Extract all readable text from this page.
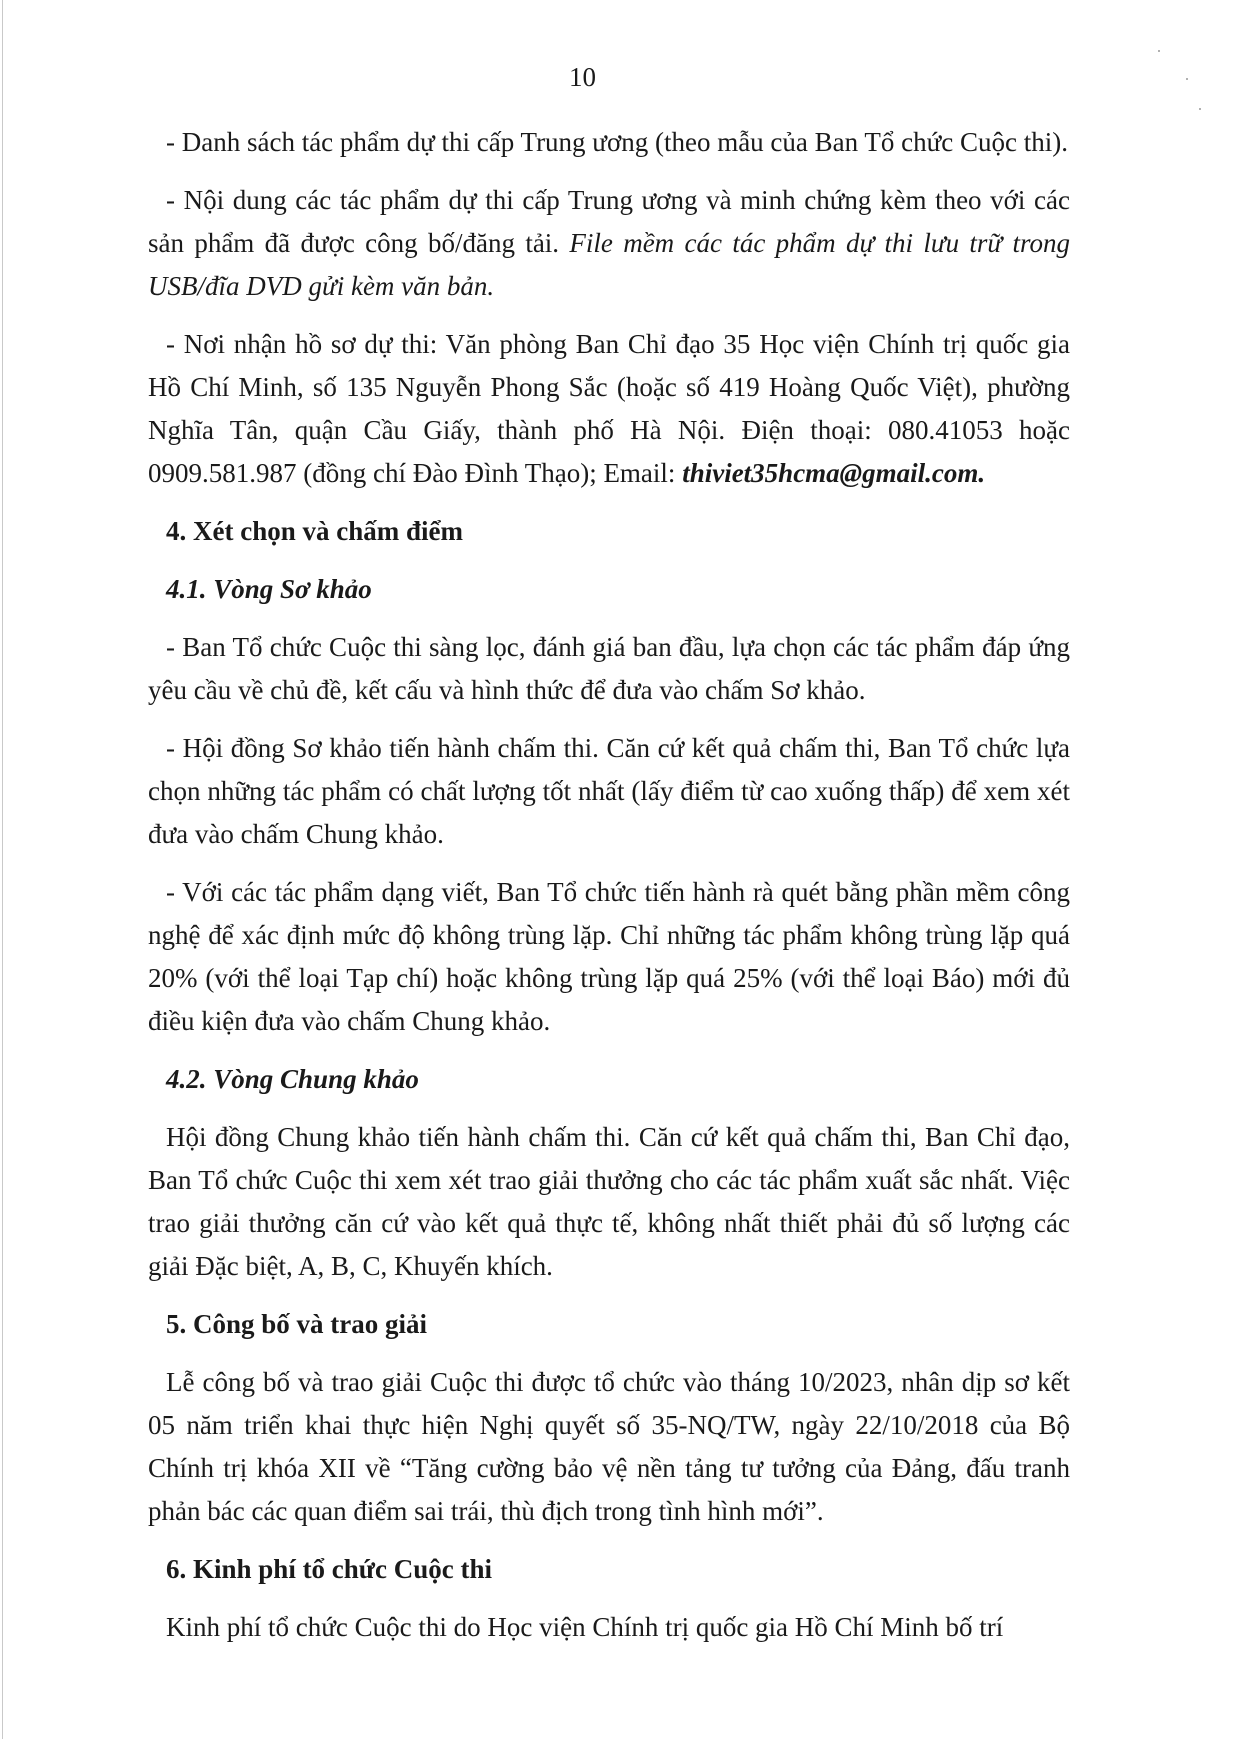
10

- Danh sách tác phẩm dự thi cấp Trung ương (theo mẫu của Ban Tổ chức Cuộc thi).

- Nội dung các tác phẩm dự thi cấp Trung ương và minh chứng kèm theo với các sản phẩm đã được công bố/đăng tải. File mềm các tác phẩm dự thi lưu trữ trong USB/đĩa DVD gửi kèm văn bản.

- Nơi nhận hồ sơ dự thi: Văn phòng Ban Chỉ đạo 35 Học viện Chính trị quốc gia Hồ Chí Minh, số 135 Nguyễn Phong Sắc (hoặc số 419 Hoàng Quốc Việt), phường Nghĩa Tân, quận Cầu Giấy, thành phố Hà Nội. Điện thoại: 080.41053 hoặc 0909.581.987 (đồng chí Đào Đình Thạo); Email: thiviet35hcma@gmail.com.

4. Xét chọn và chấm điểm
4.1. Vòng Sơ khảo

- Ban Tổ chức Cuộc thi sàng lọc, đánh giá ban đầu, lựa chọn các tác phẩm đáp ứng yêu cầu về chủ đề, kết cấu và hình thức để đưa vào chấm Sơ khảo.

- Hội đồng Sơ khảo tiến hành chấm thi. Căn cứ kết quả chấm thi, Ban Tổ chức lựa chọn những tác phẩm có chất lượng tốt nhất (lấy điểm từ cao xuống thấp) để xem xét đưa vào chấm Chung khảo.

- Với các tác phẩm dạng viết, Ban Tổ chức tiến hành rà quét bằng phần mềm công nghệ để xác định mức độ không trùng lặp. Chỉ những tác phẩm không trùng lặp quá 20% (với thể loại Tạp chí) hoặc không trùng lặp quá 25% (với thể loại Báo) mới đủ điều kiện đưa vào chấm Chung khảo.

4.2. Vòng Chung khảo

Hội đồng Chung khảo tiến hành chấm thi. Căn cứ kết quả chấm thi, Ban Chỉ đạo, Ban Tổ chức Cuộc thi xem xét trao giải thưởng cho các tác phẩm xuất sắc nhất. Việc trao giải thưởng căn cứ vào kết quả thực tế, không nhất thiết phải đủ số lượng các giải Đặc biệt, A, B, C, Khuyến khích.

5. Công bố và trao giải

Lễ công bố và trao giải Cuộc thi được tổ chức vào tháng 10/2023, nhân dịp sơ kết 05 năm triển khai thực hiện Nghị quyết số 35-NQ/TW, ngày 22/10/2018 của Bộ Chính trị khóa XII về “Tăng cường bảo vệ nền tảng tư tưởng của Đảng, đấu tranh phản bác các quan điểm sai trái, thù địch trong tình hình mới”.

6. Kinh phí tổ chức Cuộc thi

Kinh phí tổ chức Cuộc thi do Học viện Chính trị quốc gia Hồ Chí Minh bố trí
